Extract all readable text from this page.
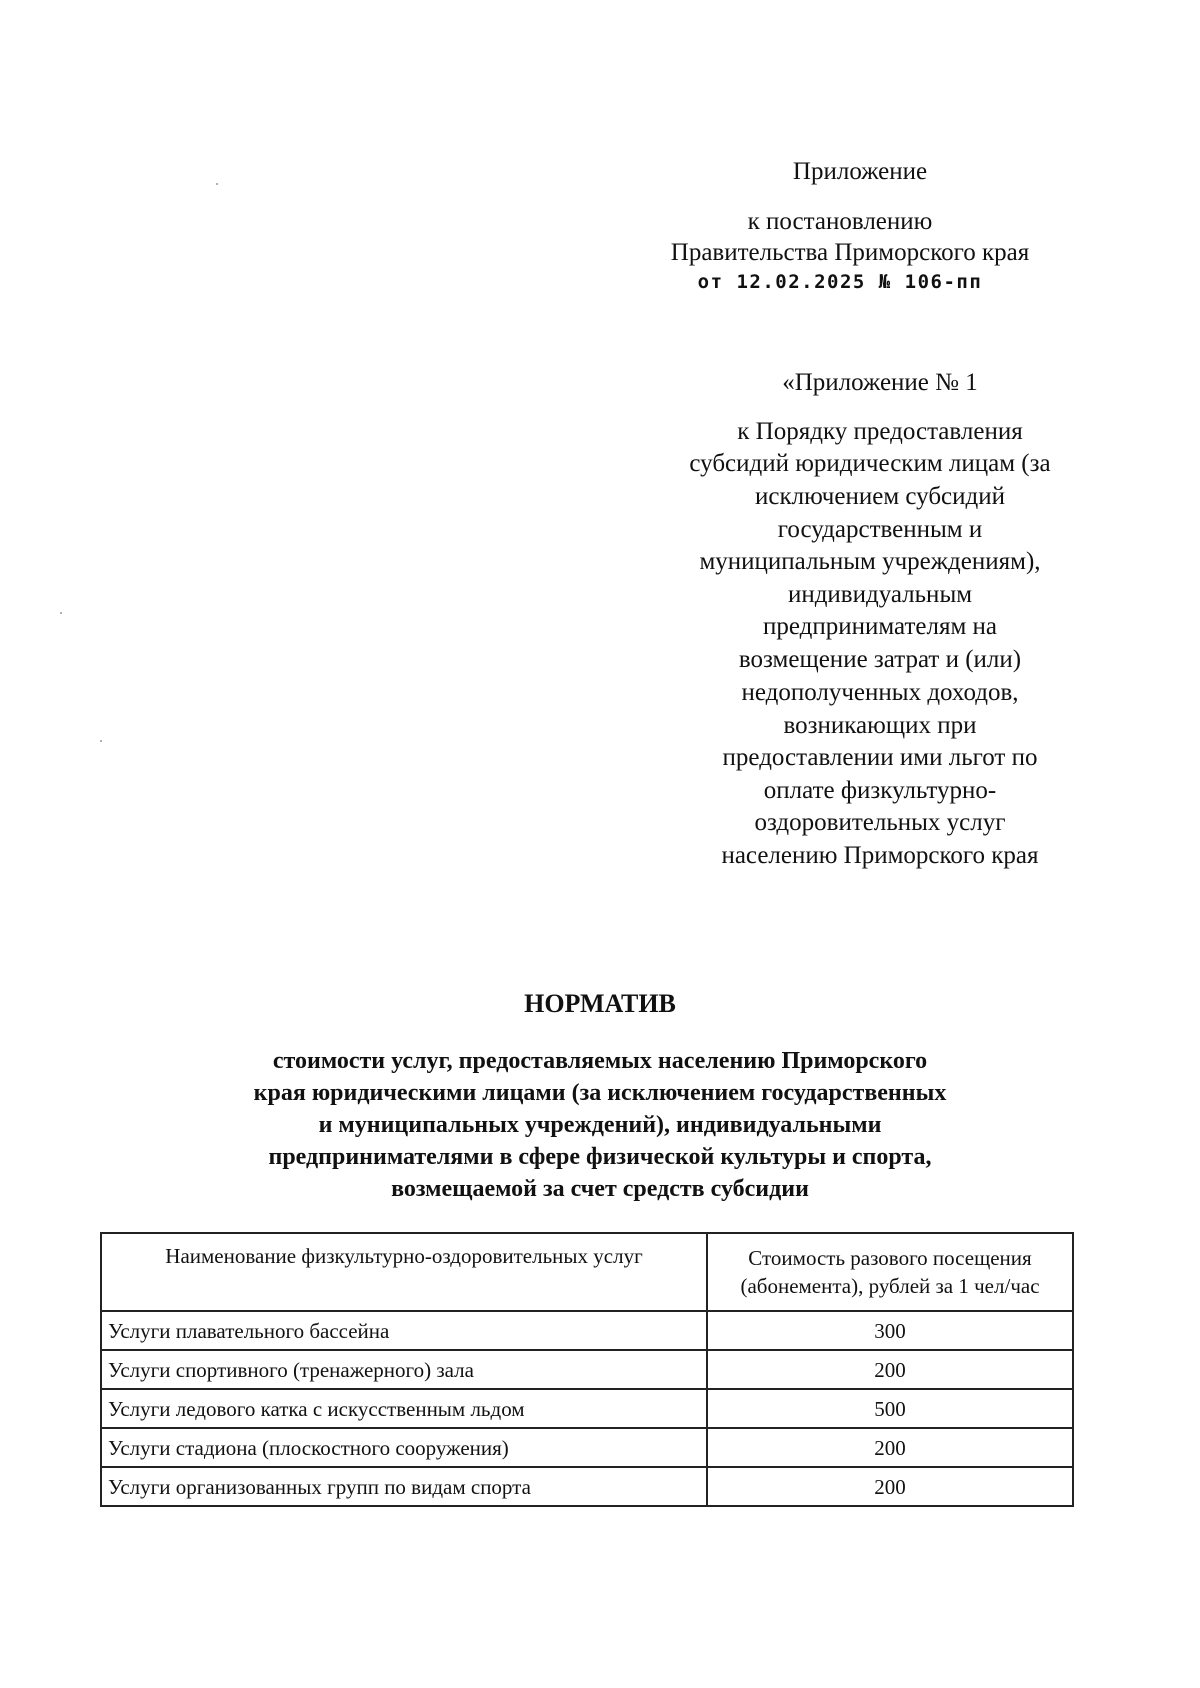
Приложение
к постановлению
Правительства Приморского края
от 12.02.2025 № 106-пп
«Приложение № 1
к Порядку предоставления
субсидий юридическим лицам (за
исключением субсидий
государственным и
муниципальным учреждениям),
индивидуальным
предпринимателям на
возмещение затрат и (или)
недополученных доходов,
возникающих при
предоставлении ими льгот по
оплате физкультурно-
оздоровительных услуг
населению Приморского края
НОРМАТИВ
стоимости услуг, предоставляемых населению Приморского
края юридическими лицами (за исключением государственных
и муниципальных учреждений), индивидуальными
предпринимателями в сфере физической культуры и спорта,
возмещаемой за счет средств субсидии
Наименование физкультурно-оздоровительных услуг	Стоимость разового посещения (абонемента), рублей за 1 чел/час
Услуги плавательного бассейна	300
Услуги спортивного (тренажерного) зала	200
Услуги ледового катка с искусственным льдом	500
Услуги стадиона (плоскостного сооружения)	200
Услуги организованных групп по видам спорта	200
